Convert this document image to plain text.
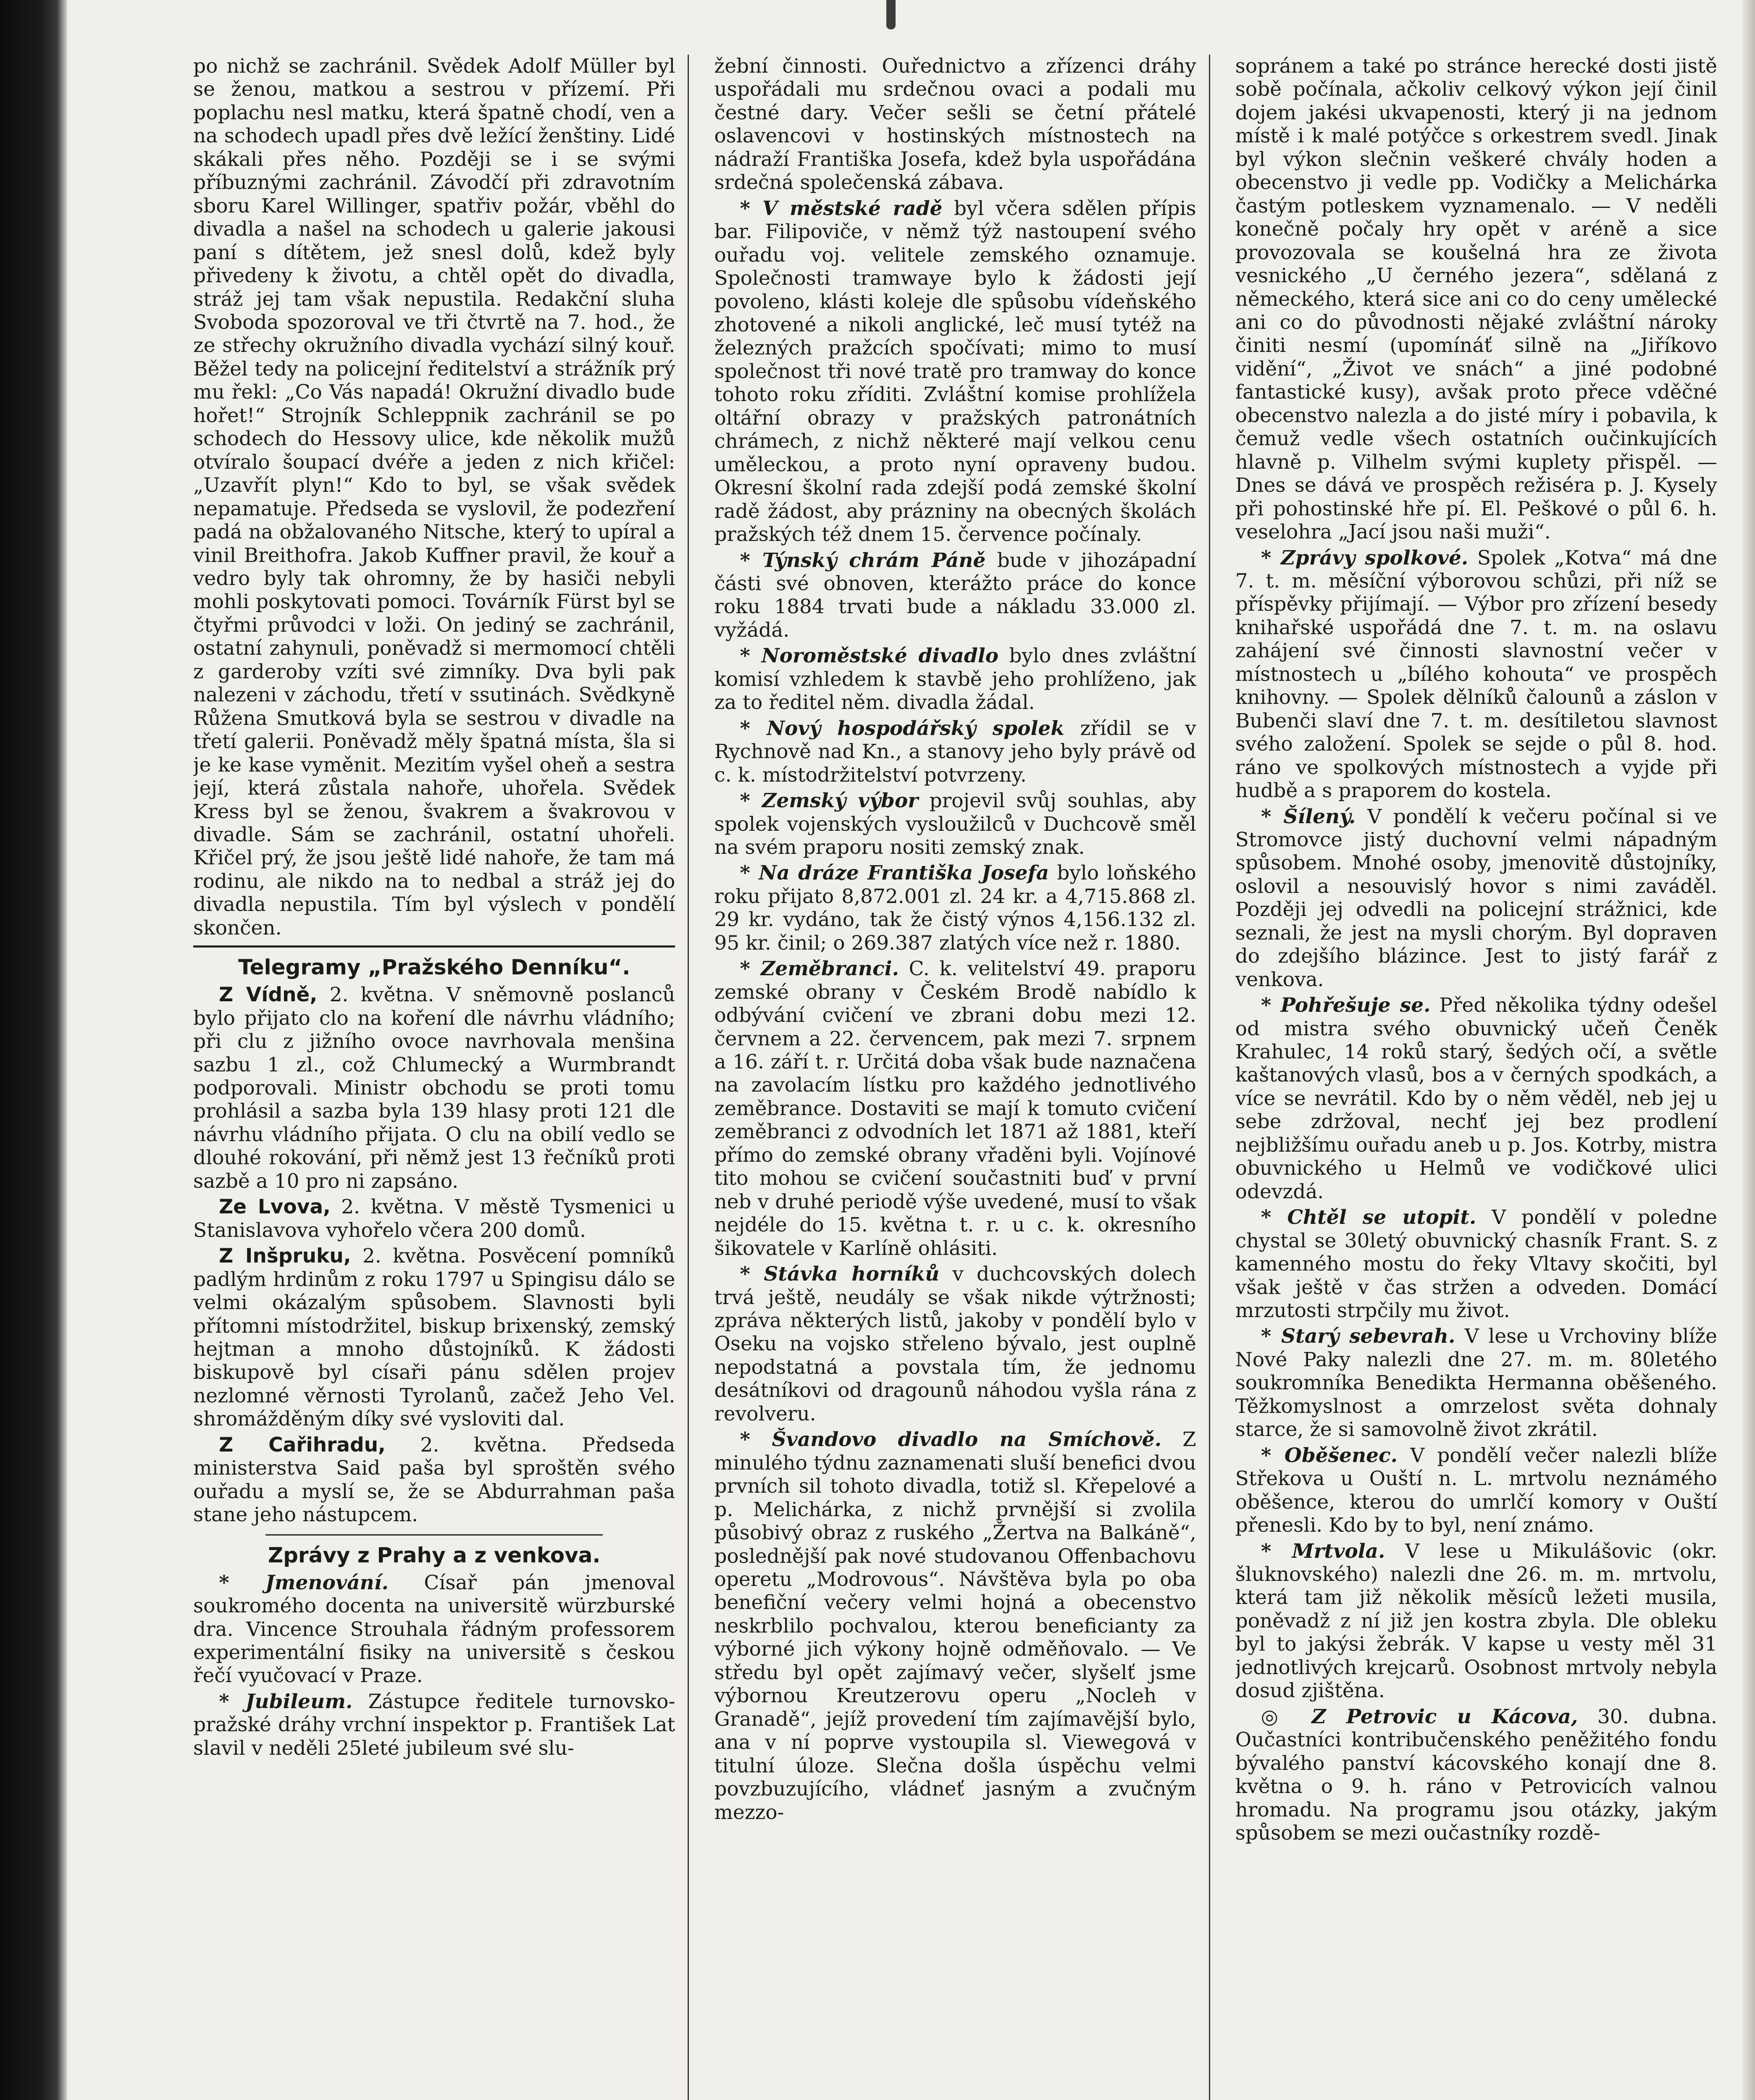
po nichž se zachránil. Svědek Adolf Müller byl se ženou, matkou a sestrou v přízemí. Při poplachu nesl matku, která špatně chodí, ven a na schodech upadl přes dvě ležící ženštiny. Lidé skákali přes něho. Později se i se svými příbuznými zachránil. Závodčí při zdravotním sboru Karel Willinger, spatřiv požár, vběhl do divadla a našel na schodech u galerie jakousi paní s dítětem, jež snesl dolů, kdež byly přivedeny k životu, a chtěl opět do divadla, stráž jej tam však nepustila. Redakční sluha Svoboda spozoroval ve tři čtvrtě na 7. hod., že ze střechy okružního divadla vychází silný kouř. Běžel tedy na policejní ředitelství a strážník prý mu řekl: „Co Vás napadá! Okružní divadlo bude hořet!“ Strojník Schleppnik zachránil se po schodech do Hessovy ulice, kde několik mužů otvíralo šoupací dvéře a jeden z nich křičel: „Uzavřít plyn!“ Kdo to byl, se však svědek nepamatuje. Předseda se vyslovil, že podezření padá na obžalovaného Nitsche, který to upíral a vinil Breithofra. Jakob Kuffner pravil, že kouř a vedro byly tak ohromny, že by hasiči nebyli mohli poskytovati pomoci. Továrník Fürst byl se čtyřmi průvodci v loži. On jediný se zachránil, ostatní zahynuli, poněvadž si mermomocí chtěli z garderoby vzíti své zimníky. Dva byli pak nalezeni v záchodu, třetí v ssutinách. Svědkyně Růžena Smutková byla se sestrou v divadle na třetí galerii. Poněvadž měly špatná místa, šla si je ke kase vyměnit. Mezitím vyšel oheň a sestra její, která zůstala nahoře, uhořela. Svědek Kress byl se ženou, švakrem a švakrovou v divadle. Sám se zachránil, ostatní uhořeli. Křičel prý, že jsou ještě lidé nahoře, že tam má rodinu, ale nikdo na to nedbal a stráž jej do divadla nepustila. Tím byl výslech v pondělí skončen.

Telegramy „Pražského Denníku“.

Z Vídně, 2. května. V sněmovně poslanců bylo přijato clo na koření dle návrhu vládního; při clu z jižního ovoce navrhovala menšina sazbu 1 zl., což Chlumecký a Wurmbrandt podporovali. Ministr obchodu se proti tomu prohlásil a sazba byla 139 hlasy proti 121 dle návrhu vládního přijata. O clu na obilí vedlo se dlouhé rokování, při němž jest 13 řečníků proti sazbě a 10 pro ni zapsáno.

Ze Lvova, 2. května. V městě Tysmenici u Stanislavova vyhořelo včera 200 domů.

Z Inšpruku, 2. května. Posvěcení pomníků padlým hrdinům z roku 1797 u Spingisu dálo se velmi okázalým spůsobem. Slavnosti byli přítomni místodržitel, biskup brixenský, zemský hejtman a mnoho důstojníků. K žádosti biskupově byl císaři pánu sdělen projev nezlomné věrnosti Tyrolanů, začež Jeho Vel. shromážděným díky své vysloviti dal.

Z Cařihradu, 2. května. Předseda ministerstva Said paša byl sproštěn svého ouřadu a myslí se, že se Abdurrahman paša stane jeho nástupcem.

Zprávy z Prahy a z venkova.

* Jmenování. Císař pán jmenoval soukromého docenta na universitě würzburské dra. Vincence Strouhala řádným professorem experimentální fisiky na universitě s českou řečí vyučovací v Praze.

* Jubileum. Zástupce ředitele turnovsko-pražské dráhy vrchní inspektor p. František Lat slavil v neděli 25leté jubileum své slu-

žební činnosti. Ouřednictvo a zřízenci dráhy uspořádali mu srdečnou ovaci a podali mu čestné dary. Večer sešli se četní přátelé oslavencovi v hostinských místnostech na nádraží Františka Josefa, kdež byla uspořádána srdečná společenská zábava.

* V městské radě byl včera sdělen přípis bar. Filipoviče, v němž týž nastoupení svého ouřadu voj. velitele zemského oznamuje. Společnosti tramwaye bylo k žádosti její povoleno, klásti koleje dle spůsobu vídeňského zhotovené a nikoli anglické, leč musí tytéž na železných pražcích spočívati; mimo to musí společnost tři nové tratě pro tramway do konce tohoto roku zříditi. Zvláštní komise prohlížela oltářní obrazy v pražských patronátních chrámech, z nichž některé mají velkou cenu uměleckou, a proto nyní opraveny budou. Okresní školní rada zdejší podá zemské školní radě žádost, aby prázniny na obecných školách pražských též dnem 15. července počínaly.

* Týnský chrám Páně bude v jihozápadní části své obnoven, kterážto práce do konce roku 1884 trvati bude a nákladu 33.000 zl. vyžádá.

* Noroměstské divadlo bylo dnes zvláštní komisí vzhledem k stavbě jeho prohlíženo, jak za to ředitel něm. divadla žádal.

* Nový hospodářský spolek zřídil se v Rychnově nad Kn., a stanovy jeho byly právě od c. k. místodržitelství potvrzeny.

* Zemský výbor projevil svůj souhlas, aby spolek vojenských vysloužilců v Duchcově směl na svém praporu nositi zemský znak.

* Na dráze Františka Josefa bylo loňského roku přijato 8,872.001 zl. 24 kr. a 4,715.868 zl. 29 kr. vydáno, tak že čistý výnos 4,156.132 zl. 95 kr. činil; o 269.387 zlatých více než r. 1880.

* Zeměbranci. C. k. velitelství 49. praporu zemské obrany v Českém Brodě nabídlo k odbývání cvičení ve zbrani dobu mezi 12. červnem a 22. červencem, pak mezi 7. srpnem a 16. září t. r. Určitá doba však bude naznačena na zavolacím lístku pro každého jednotlivého zeměbrance. Dostaviti se mají k tomuto cvičení zeměbranci z odvodních let 1871 až 1881, kteří přímo do zemské obrany vřaděni byli. Vojínové tito mohou se cvičení součastniti buď v první neb v druhé periodě výše uvedené, musí to však nejdéle do 15. května t. r. u c. k. okresního šikovatele v Karlíně ohlásiti.

* Stávka horníků v duchcovských dolech trvá ještě, neudály se však nikde výtržnosti; zpráva některých listů, jakoby v pondělí bylo v Oseku na vojsko střeleno bývalo, jest ouplně nepodstatná a povstala tím, že jednomu desátníkovi od dragounů náhodou vyšla rána z revolveru.

* Švandovo divadlo na Smíchově. Z minulého týdnu zaznamenati sluší benefici dvou prvních sil tohoto divadla, totiž sl. Křepelové a p. Melichárka, z nichž prvnější si zvolila působivý obraz z ruského „Žertva na Balkáně“, poslednější pak nové studovanou Offenbachovu operetu „Modrovous“. Návštěva byla po oba benefiční večery velmi hojná a obecenstvo neskrblilo pochvalou, kterou beneficianty za výborné jich výkony hojně odměňovalo. — Ve středu byl opět zajímavý večer, slyšelť jsme výbornou Kreutzerovu operu „Nocleh v Granadě“, jejíž provedení tím zajímavější bylo, ana v ní poprve vystoupila sl. Viewegová v titulní úloze. Slečna došla úspěchu velmi povzbuzujícího, vládneť jasným a zvučným mezzo-

sopránem a také po stránce herecké dosti jistě sobě počínala, ačkoliv celkový výkon její činil dojem jakési ukvapenosti, který ji na jednom místě i k malé potýčce s orkestrem svedl. Jinak byl výkon slečnin veškeré chvály hoden a obecenstvo ji vedle pp. Vodičky a Melichárka častým potleskem vyznamenalo. — V neděli konečně počaly hry opět v aréně a sice provozovala se koušelná hra ze života vesnického „U černého jezera“, sdělaná z německého, která sice ani co do ceny umělecké ani co do původnosti nějaké zvláštní nároky činiti nesmí (upomínáť silně na „Jiříkovo vidění“, „Život ve snách“ a jiné podobné fantastické kusy), avšak proto přece vděčné obecenstvo nalezla a do jisté míry i pobavila, k čemuž vedle všech ostatních oučinkujících hlavně p. Vilhelm svými kuplety přispěl. — Dnes se dává ve prospěch režiséra p. J. Kysely při pohostinské hře pí. El. Peškové o půl 6. h. veselohra „Jací jsou naši muži“.

* Zprávy spolkové. Spolek „Kotva“ má dne 7. t. m. měsíční výborovou schůzi, při níž se příspěvky přijímají. — Výbor pro zřízení besedy knihařské uspořádá dne 7. t. m. na oslavu zahájení své činnosti slavnostní večer v místnostech u „bílého kohouta“ ve prospěch knihovny. — Spolek dělníků čalounů a záslon v Bubenči slaví dne 7. t. m. desítiletou slavnost svého založení. Spolek se sejde o půl 8. hod. ráno ve spolkových místnostech a vyjde při hudbě a s praporem do kostela.

* Šílený. V pondělí k večeru počínal si ve Stromovce jistý duchovní velmi nápadným spůsobem. Mnohé osoby, jmenovitě důstojníky, oslovil a nesouvislý hovor s nimi zaváděl. Později jej odvedli na policejní strážnici, kde seznali, že jest na mysli chorým. Byl dopraven do zdejšího blázince. Jest to jistý farář z venkova.

* Pohřešuje se. Před několika týdny odešel od mistra svého obuvnický učeň Čeněk Krahulec, 14 roků starý, šedých očí, a světle kaštanových vlasů, bos a v černých spodkách, a více se nevrátil. Kdo by o něm věděl, neb jej u sebe zdržoval, nechť jej bez prodlení nejbližšímu ouřadu aneb u p. Jos. Kotrby, mistra obuvnického u Helmů ve vodičkové ulici odevzdá.

* Chtěl se utopit. V pondělí v poledne chystal se 30letý obuvnický chasník Frant. S. z kamenného mostu do řeky Vltavy skočiti, byl však ještě v čas stržen a odveden. Domácí mrzutosti strpčily mu život.

* Starý sebevrah. V lese u Vrchoviny blíže Nové Paky nalezli dne 27. m. m. 80letého soukromníka Benedikta Hermanna oběšeného. Těžkomyslnost a omrzelost světa dohnaly starce, že si samovolně život zkrátil.

* Oběšenec. V pondělí večer nalezli blíže Střekova u Ouští n. L. mrtvolu neznámého oběšence, kterou do umrlčí komory v Ouští přenesli. Kdo by to byl, není známo.

* Mrtvola. V lese u Mikulášovic (okr. šluknovského) nalezli dne 26. m. m. mrtvolu, která tam již několik měsíců ležeti musila, poněvadž z ní již jen kostra zbyla. Dle obleku byl to jakýsi žebrák. V kapse u vesty měl 31 jednotlivých krejcarů. Osobnost mrtvoly nebyla dosud zjištěna.

◎ Z Petrovic u Kácova, 30. dubna. Oučastníci kontribučenského peněžitého fondu bývalého panství kácovského konají dne 8. května o 9. h. ráno v Petrovicích valnou hromadu. Na programu jsou otázky, jakým spůsobem se mezi oučastníky rozdě-
